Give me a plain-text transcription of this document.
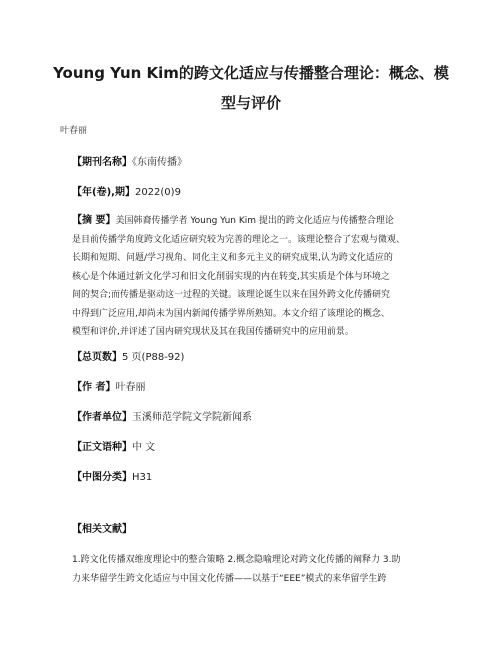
Young Yun Kim的跨文化适应与传播整合理论：概念、模
型与评价
叶春丽
【期刊名称】《东南传播》
【年(卷),期】2022(0)9
【摘 要】美国韩裔传播学者 Young Yun Kim 提出的跨文化适应与传播整合理论
是目前传播学角度跨文化适应研究较为完善的理论之一。该理论整合了宏观与微观、
长期和短期、问题/学习视角、同化主义和多元主义的研究成果,认为跨文化适应的
核心是个体通过新文化学习和旧文化削弱实现的内在转变,其实质是个体与环境之
间的契合;而传播是驱动这一过程的关键。该理论诞生以来在国外跨文化传播研究
中得到广泛应用,却尚未为国内新闻传播学界所熟知。本文介绍了该理论的概念、
模型和评价,并评述了国内研究现状及其在我国传播研究中的应用前景。
【总页数】5 页(P88-92)
【作 者】叶春丽
【作者单位】玉溪师范学院文学院新闻系
【正文语种】中 文
【中图分类】H31
【相关文献】
1.跨文化传播双维度理论中的整合策略 2.概念隐喻理论对跨文化传播的阐释力 3.助
力来华留学生跨文化适应与中国文化传播——以基于“EEE”模式的来华留学生跨
